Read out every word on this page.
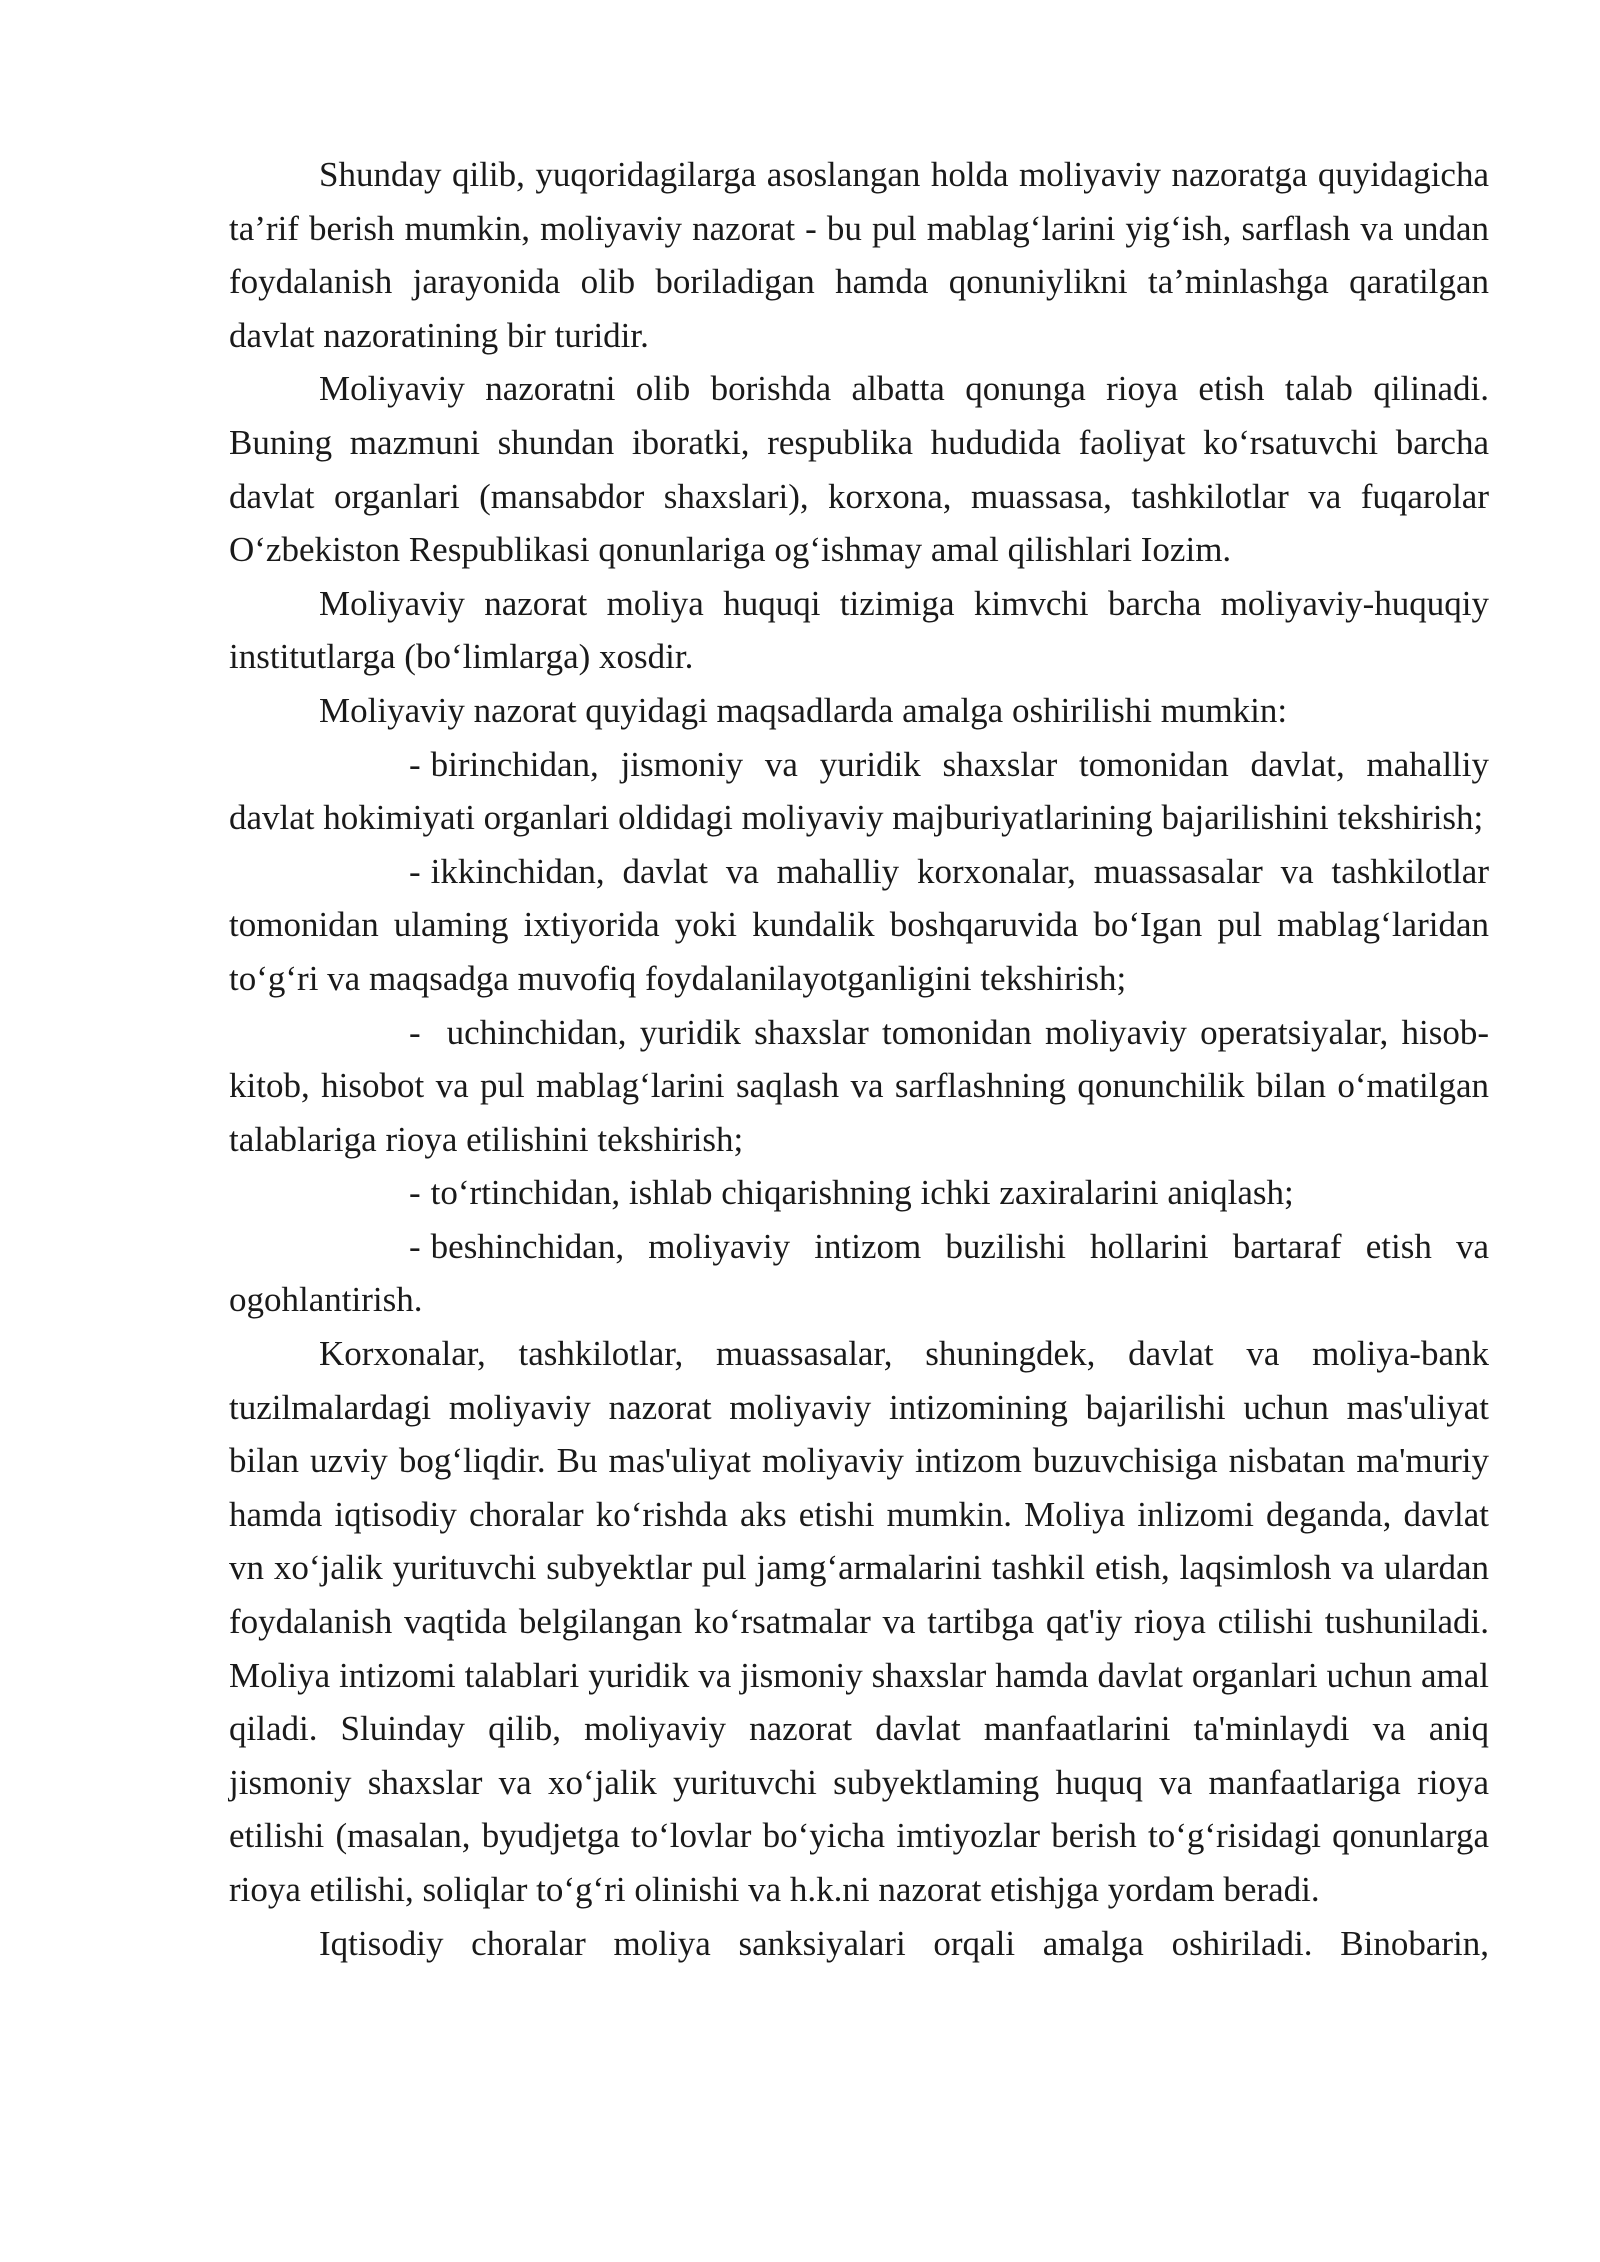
Shunday qilib, yuqoridagilarga asoslangan holda moliyaviy nazoratga quyidagicha ta’rif berish mumkin, moliyaviy nazorat - bu pul mablag‘larini yig‘ish, sarflash va undan foydalanish jarayonida olib boriladigan hamda qonuniylikni ta’minlashga qaratilgan davlat nazoratining bir turidir.

Moliyaviy nazoratni olib borishda albatta qonunga rioya etish talab qilinadi. Buning mazmuni shundan iboratki, respublika hududida faoliyat ko‘rsatuvchi barcha davlat organlari (mansabdor shaxslari), korxona, muassasa, tashkilotlar va fuqarolar O‘zbekiston Respublikasi qonunlariga og‘ishmay amal qilishlari Iozim.

Moliyaviy nazorat moliya huquqi tizimiga kimvchi barcha moliyaviy-huquqiy institutlarga (bo‘limlarga) xosdir.

Moliyaviy nazorat quyidagi maqsadlarda amalga oshirilishi mumkin:

- birinchidan, jismoniy va yuridik shaxslar tomonidan davlat, mahalliy davlat hokimiyati organlari oldidagi moliyaviy majburiyatlarining bajarilishini tekshirish;

- ikkinchidan, davlat va mahalliy korxonalar, muassasalar va tashkilotlar tomonidan ulaming ixtiyorida yoki kundalik boshqaruvida bo‘Igan pul mablag‘laridan to‘g‘ri va maqsadga muvofiq foydalanilayotganligini tekshirish;

- uchinchidan, yuridik shaxslar tomonidan moliyaviy operatsiyalar, hisob-kitob, hisobot va pul mablag‘larini saqlash va sarflashning qonunchilik bilan o‘matilgan talablariga rioya etilishini tekshirish;

- to‘rtinchidan, ishlab chiqarishning ichki zaxiralarini aniqlash;

- beshinchidan, moliyaviy intizom buzilishi hollarini bartaraf etish va ogohlantirish.

Korxonalar, tashkilotlar, muassasalar, shuningdek, davlat va moliya-bank tuzilmalardagi moliyaviy nazorat moliyaviy intizomining bajarilishi uchun mas'uliyat bilan uzviy bog‘liqdir. Bu mas'uliyat moliyaviy intizom buzuvchisiga nisbatan ma'muriy hamda iqtisodiy choralar ko‘rishda aks etishi mumkin. Moliya inlizomi deganda, davlat vn xo‘jalik yurituvchi subyektlar pul jamg‘armalarini tashkil etish, laqsimlosh va ulardan foydalanish vaqtida belgilangan ko‘rsatmalar va tartibga qat'iy rioya ctilishi tushuniladi. Moliya intizomi talablari yuridik va jismoniy shaxslar hamda davlat organlari uchun amal qiladi. Sluinday qilib, moliyaviy nazorat davlat manfaatlarini ta'minlaydi va aniq jismoniy shaxslar va xo‘jalik yurituvchi subyektlaming huquq va manfaatlariga rioya etilishi (masalan, byudjetga to‘lovlar bo‘yicha imtiyozlar berish to‘g‘risidagi qonunlarga rioya etilishi, soliqlar to‘g‘ri olinishi va h.k.ni nazorat etishjga yordam beradi.

Iqtisodiy choralar moliya sanksiyalari orqali amalga oshiriladi. Binobarin,
